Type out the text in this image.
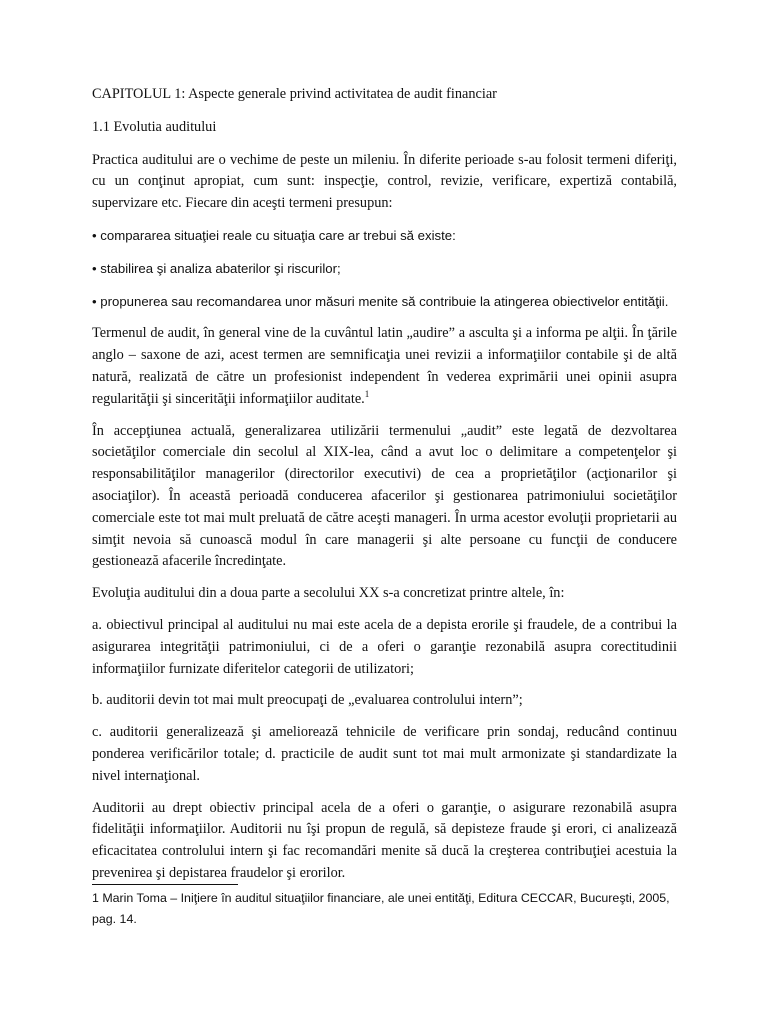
CAPITOLUL 1: Aspecte generale privind activitatea de audit financiar

1.1 Evolutia auditului

Practica auditului are o vechime de peste un mileniu. În diferite perioade s-au folosit termeni diferiţi, cu un conţinut apropiat, cum sunt: inspecţie, control, revizie, verificare, expertiză contabilă, supervizare etc. Fiecare din aceşti termeni presupun:

• compararea situaţiei reale cu situaţia care ar trebui să existe:

• stabilirea şi analiza abaterilor şi riscurilor;

• propunerea sau recomandarea unor măsuri menite să contribuie la atingerea obiectivelor entităţii.

Termenul de audit, în general vine de la cuvântul latin „audire” a asculta şi a informa pe alţii. În ţările anglo – saxone de azi, acest termen are semnificaţia unei revizii a informaţiilor contabile şi de altă natură, realizată de către un profesionist independent în vederea exprimării unei opinii asupra regularităţii şi sincerităţii informaţiilor auditate.$^1$

În accepţiunea actuală, generalizarea utilizării termenului „audit” este legată de dezvoltarea societăţilor comerciale din secolul al XIX-lea, când a avut loc o delimitare a competenţelor şi responsabilităţilor managerilor (directorilor executivi) de cea a proprietăţilor (acţionarilor şi asociaţilor). În această perioadă conducerea afacerilor şi gestionarea patrimoniului societăţilor comerciale este tot mai mult preluată de către aceşti manageri. În urma acestor evoluţii proprietarii au simţit nevoia să cunoască modul în care managerii şi alte persoane cu funcţii de conducere gestionează afacerile încredinţate.

Evoluţia auditului din a doua parte a secolului XX s-a concretizat printre altele, în:

a. obiectivul principal al auditului nu mai este acela de a depista erorile şi fraudele, de a contribui la asigurarea integrităţii patrimoniului, ci de a oferi o garanţie rezonabilă asupra corectitudinii informaţiilor furnizate diferitelor categorii de utilizatori;

b. auditorii devin tot mai mult preocupaţi de „evaluarea controlului intern”;

c. auditorii generalizează şi ameliorează tehnicile de verificare prin sondaj, reducând continuu ponderea verificărilor totale; d. practicile de audit sunt tot mai mult armonizate şi standardizate la nivel internaţional.

Auditorii au drept obiectiv principal acela de a oferi o garanţie, o asigurare rezonabilă asupra fidelităţii informaţiilor. Auditorii nu îşi propun de regulă, să depisteze fraude şi erori, ci analizează eficacitatea controlului intern şi fac recomandări menite să ducă la creşterea contribuţiei acestuia la prevenirea şi depistarea fraudelor şi erorilor.

1 Marin Toma – Iniţiere în auditul situaţiilor financiare, ale unei entităţi, Editura CECCAR, Bucureşti, 2005, pag. 14.
